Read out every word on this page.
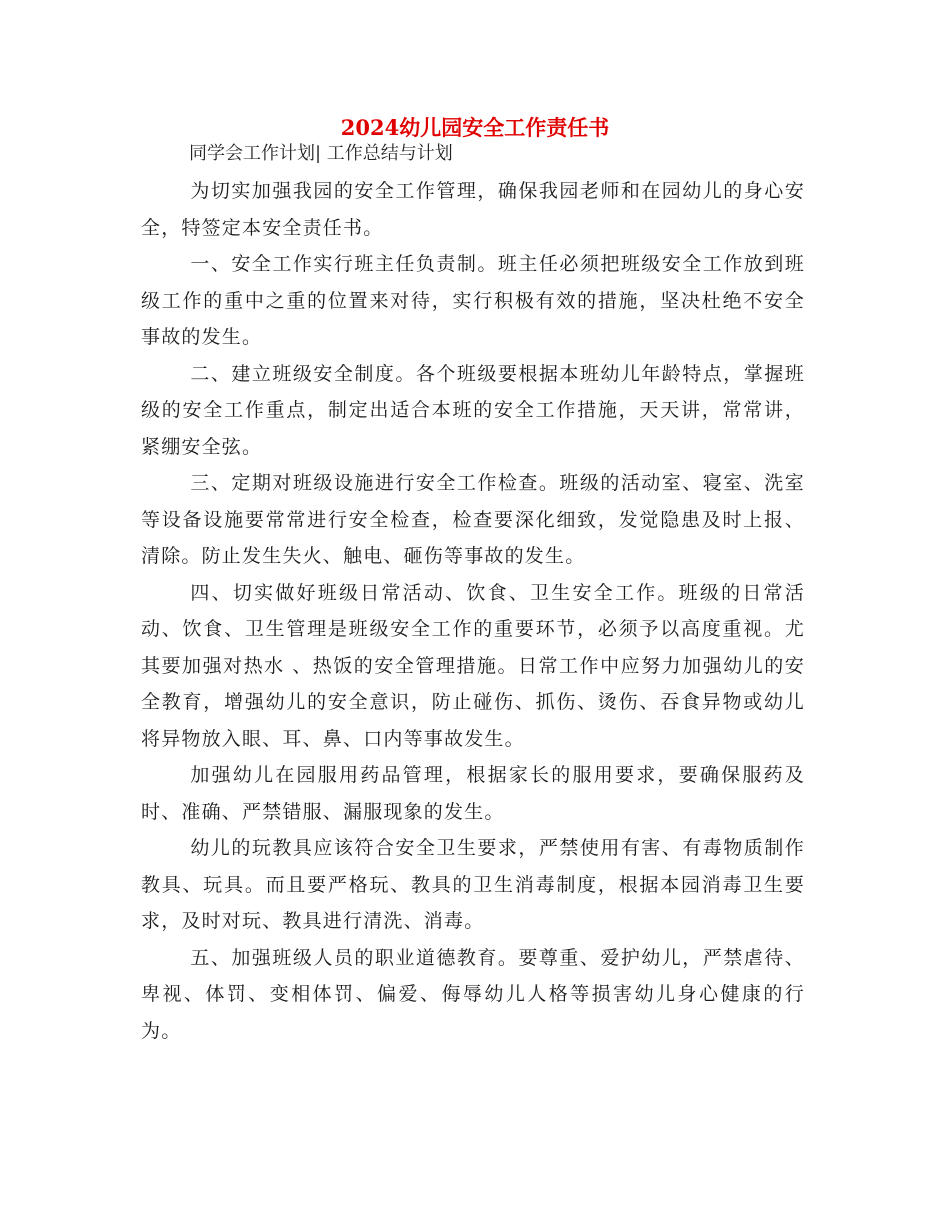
2024幼儿园安全工作责任书
同学会工作计划| 工作总结与计划

为切实加强我园的安全工作管理，确保我园老师和在园幼儿的身心安全，特签定本安全责任书。

一、安全工作实行班主任负责制。班主任必须把班级安全工作放到班级工作的重中之重的位置来对待，实行积极有效的措施，坚决杜绝不安全事故的发生。

二、建立班级安全制度。各个班级要根据本班幼儿年龄特点，掌握班级的安全工作重点，制定出适合本班的安全工作措施，天天讲，常常讲，紧绷安全弦。

三、定期对班级设施进行安全工作检查。班级的活动室、寝室、洗室等设备设施要常常进行安全检查，检查要深化细致，发觉隐患及时上报、清除。防止发生失火、触电、砸伤等事故的发生。

四、切实做好班级日常活动、饮食、卫生安全工作。班级的日常活动、饮食、卫生管理是班级安全工作的重要环节，必须予以高度重视。尤其要加强对热水 、热饭的安全管理措施。日常工作中应努力加强幼儿的安全教育，增强幼儿的安全意识，防止碰伤、抓伤、烫伤、吞食异物或幼儿将异物放入眼、耳、鼻、口内等事故发生。

加强幼儿在园服用药品管理，根据家长的服用要求，要确保服药及时、准确、严禁错服、漏服现象的发生。

幼儿的玩教具应该符合安全卫生要求，严禁使用有害、有毒物质制作教具、玩具。而且要严格玩、教具的卫生消毒制度，根据本园消毒卫生要求，及时对玩、教具进行清洗、消毒。

五、加强班级人员的职业道德教育。要尊重、爱护幼儿，严禁虐待、卑视、体罚、变相体罚、偏爱、侮辱幼儿人格等损害幼儿身心健康的行为。
